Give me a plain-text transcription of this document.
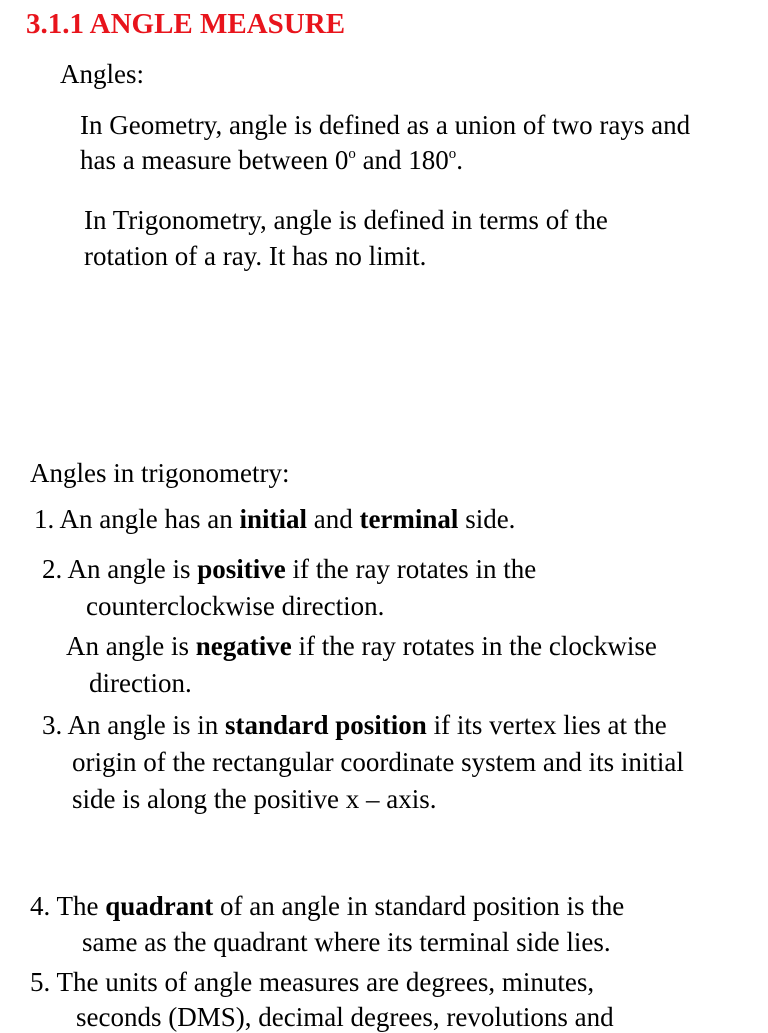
3.1.1 ANGLE MEASURE
Angles:
In Geometry, angle is defined as a union of two rays and
has a measure between 0$^o$ and 180$^o$.
In Trigonometry, angle is defined in terms of the
rotation of a ray. It has no limit.
Angles in trigonometry:
1. An angle has an initial and terminal side.
2. An angle is positive if the ray rotates in the
counterclockwise direction.
An angle is negative if the ray rotates in the clockwise
direction.
3. An angle is in standard position if its vertex lies at the
origin of the rectangular coordinate system and its initial
side is along the positive x – axis.
4. The quadrant of an angle in standard position is the
same as the quadrant where its terminal side lies.
5. The units of angle measures are degrees, minutes,
seconds (DMS), decimal degrees, revolutions and
